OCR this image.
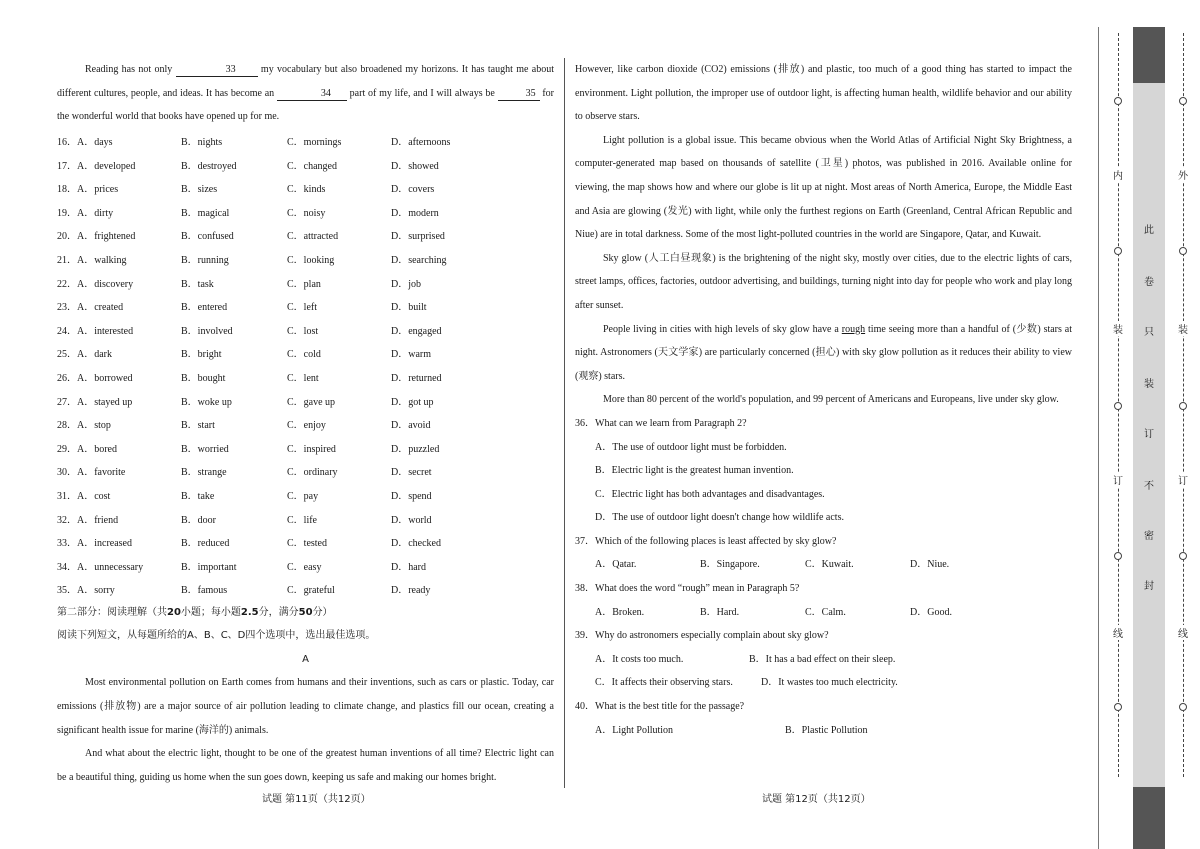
Reading has not only	33	my vocabulary but also broadened my horizons. It has taught me about different cultures, people, and ideas. It has become an	34 part of my life, and I will always be	35 for the wonderful world that books have opened up for me.

16． A．days	B．nights	C．mornings	D．afternoons
17． A．developed	B．destroyed	C．changed	D．showed
18． A．prices	B．sizes	C．kinds	D．covers
19． A．dirty	B．magical	C．noisy	D．modern
20． A．frightened	B．confused	C．attracted	D．surprised
21． A．walking	B．running	C．looking	D．searching
22． A．discovery	B．task	C．plan	D．job
23． A．created	B．entered	C．left	D．built
24． A．interested	B．involved	C．lost	D．engaged
25． A．dark	B．bright	C．cold	D．warm
26． A．borrowed	B．bought	C．lent	D．returned
27． A．stayed up	B．woke up	C．gave up	D．got up
28． A．stop	B．start	C．enjoy	D．avoid
29． A．bored	B．worried	C．inspired	D．puzzled
30． A．favorite	B．strange	C．ordinary	D．secret
31． A．cost	B．take	C．pay	D．spend
32． A．friend	B．door	C．life	D．world
33． A．increased	B．reduced	C．tested	D．checked
34． A．unnecessary	B．important	C．easy	D．hard
35． A．sorry	B．famous	C．grateful	D．ready
第二部分：阅读理解（共20小题；每小题2.5分，满分50分）
阅读下列短文，从每题所给的A、B、C、D四个选项中，选出最佳选项。
A

Most environmental pollution on Earth comes from humans and their inventions, such as cars or plastic. Today, car emissions (排放物) are a major source of air pollution leading to climate change, and plastics fill our ocean, creating a significant health issue for marine (海洋的) animals.

And what about the electric light, thought to be one of the greatest human inventions of all time? Electric light can be a beautiful thing, guiding us home when the sun goes down, keeping us safe and making our homes bright.

However, like carbon dioxide (CO2) emissions (排放) and plastic, too much of a good thing has started to impact the environment. Light pollution, the improper use of outdoor light, is affecting human health, wildlife behavior and our ability to observe stars.

Light pollution is a global issue. This became obvious when the World Atlas of Artificial Night Sky Brightness, a computer-generated map based on thousands of satellite (卫星) photos, was published in 2016. Available online for viewing, the map shows how and where our globe is lit up at night. Most areas of North America, Europe, the Middle East and Asia are glowing (发光) with light, while only the furthest regions on Earth (Greenland, Central African Republic and Niue) are in total darkness. Some of the most light-polluted countries in the world are Singapore, Qatar, and Kuwait.

Sky glow (人工白昼现象) is the brightening of the night sky, mostly over cities, due to the electric lights of cars, street lamps, offices, factories, outdoor advertising, and buildings, turning night into day for people who work and play long after sunset.

People living in cities with high levels of sky glow have a rough time seeing more than a handful of (少数) stars at night. Astronomers (天文学家) are particularly concerned (担心) with sky glow pollution as it reduces their ability to view (观察) stars.

More than 80 percent of the world's population, and 99 percent of Americans and Europeans, live under sky glow.

36．What can we learn from Paragraph 2?

A．The use of outdoor light must be forbidden.

B．Electric light is the greatest human invention.

C．Electric light has both advantages and disadvantages.

D．The use of outdoor light doesn't change how wildlife acts.

37．Which of the following places is least affected by sky glow?

A．Qatar.	B．Singapore.	C．Kuwait.	D．Niue.

38．What does the word “rough” mean in Paragraph 5?

A．Broken.	B．Hard.	C．Calm.	D．Good.

39．Why do astronomers especially complain about sky glow?

A．It costs too much.	B．It has a bad effect on their sleep.
C．It affects their observing stars.	D．It wastes too much electricity.

40．What is the best title for the passage?

A．Light Pollution	B．Plastic Pollution
试题 第11页（共12页）	试题 第12页（共12页）
内
装
订
线
外
装
订
线
此
卷
只
装
订
不
密
封
